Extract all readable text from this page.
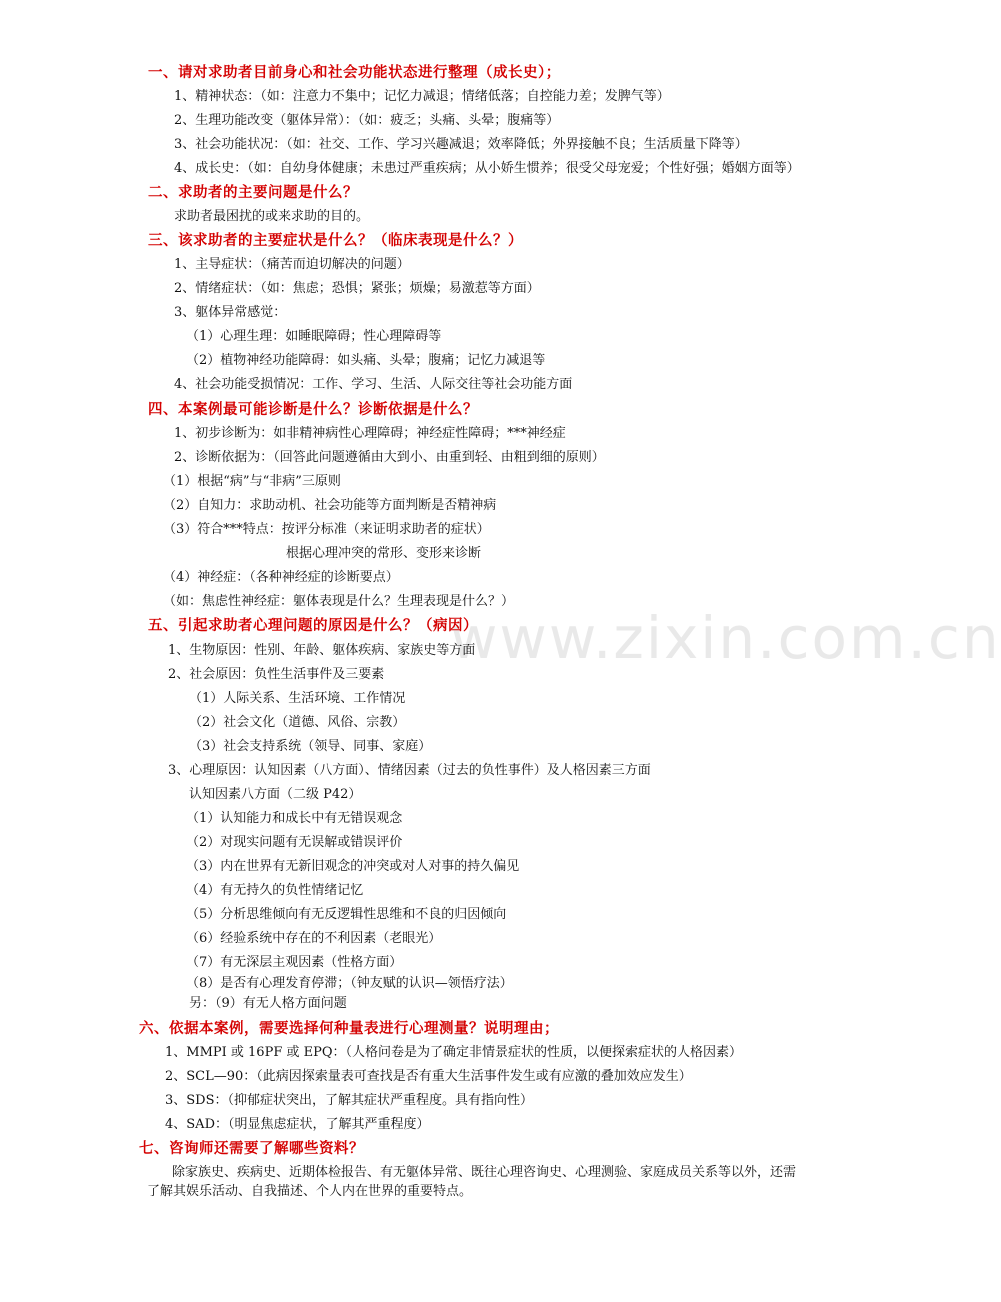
www.zixin.com.cn
一、请对求助者目前身心和社会功能状态进行整理（成长史）；
1、精神状态：（如：注意力不集中；记忆力减退；情绪低落；自控能力差；发脾气等）
2、生理功能改变（躯体异常）：（如：疲乏；头痛、头晕；腹痛等）
3、社会功能状况：（如：社交、工作、学习兴趣减退；效率降低；外界接触不良；生活质量下降等）
4、成长史：（如：自幼身体健康；未患过严重疾病；从小娇生惯养；很受父母宠爱；个性好强；婚姻方面等）
二、求助者的主要问题是什么？
求助者最困扰的或来求助的目的。
三、该求助者的主要症状是什么？（临床表现是什么？）
1、主导症状：（痛苦而迫切解决的问题）
2、情绪症状：（如：焦虑；恐惧；紧张；烦燥；易激惹等方面）
3、躯体异常感觉：
（1）心理生理：如睡眠障碍；性心理障碍等
（2）植物神经功能障碍：如头痛、头晕；腹痛；记忆力减退等
4、社会功能受损情况：工作、学习、生活、人际交往等社会功能方面
四、本案例最可能诊断是什么？诊断依据是什么？
1、初步诊断为：如非精神病性心理障碍；神经症性障碍；***神经症
2、诊断依据为：（回答此问题遵循由大到小、由重到轻、由粗到细的原则）
（1）根据“病”与“非病”三原则
（2）自知力：求助动机、社会功能等方面判断是否精神病
（3）符合***特点：按评分标准（来证明求助者的症状）
根据心理冲突的常形、变形来诊断
（4）神经症：（各种神经症的诊断要点）
（如：焦虑性神经症：躯体表现是什么？生理表现是什么？）
五、引起求助者心理问题的原因是什么？（病因）
1、生物原因：性别、年龄、躯体疾病、家族史等方面
2、社会原因：负性生活事件及三要素
（1）人际关系、生活环境、工作情况
（2）社会文化（道德、风俗、宗教）
（3）社会支持系统（领导、同事、家庭）
3、心理原因：认知因素（八方面）、情绪因素（过去的负性事件）及人格因素三方面
认知因素八方面（二级 P42）
（1）认知能力和成长中有无错误观念
（2）对现实问题有无误解或错误评价
（3）内在世界有无新旧观念的冲突或对人对事的持久偏见
（4）有无持久的负性情绪记忆
（5）分析思维倾向有无反逻辑性思维和不良的归因倾向
（6）经验系统中存在的不利因素（老眼光）
（7）有无深层主观因素（性格方面）
（8）是否有心理发育停滞；（钟友赋的认识—领悟疗法）
另：（9）有无人格方面问题
六、依据本案例，需要选择何种量表进行心理测量？说明理由；
1、MMPI 或 16PF 或 EPQ：（人格问卷是为了确定非情景症状的性质，以便探索症状的人格因素）
2、SCL—90：（此病因探索量表可查找是否有重大生活事件发生或有应激的叠加效应发生）
3、SDS：（抑郁症状突出，了解其症状严重程度。具有指向性）
4、SAD：（明显焦虑症状，了解其严重程度）
七、咨询师还需要了解哪些资料？
除家族史、疾病史、近期体检报告、有无躯体异常、既往心理咨询史、心理测验、家庭成员关系等以外，还需
了解其娱乐活动、自我描述、个人内在世界的重要特点。
